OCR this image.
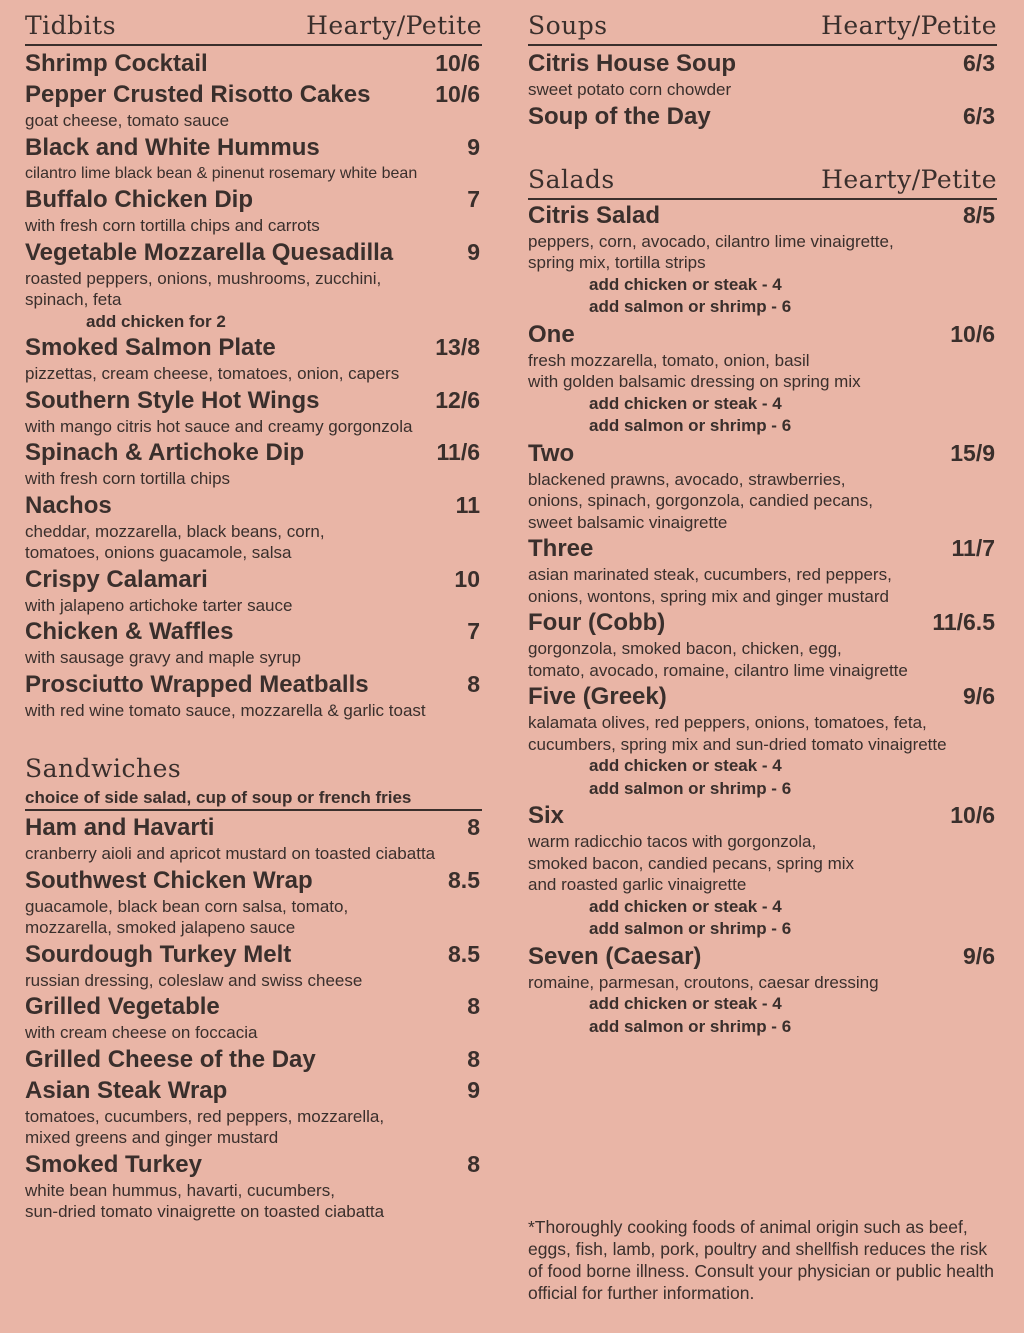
Tidbits	Hearty/Petite
Shrimp Cocktail	10/6
Pepper Crusted Risotto Cakes	10/6
goat cheese, tomato sauce
Black and White Hummus	9
cilantro lime black bean & pinenut rosemary white bean
Buffalo Chicken Dip	7
with fresh corn tortilla chips and carrots
Vegetable Mozzarella Quesadilla	9
roasted peppers, onions, mushrooms, zucchini,
spinach, feta
add chicken for 2
Smoked Salmon Plate	13/8
pizzettas, cream cheese, tomatoes, onion, capers
Southern Style Hot Wings	12/6
with mango citris hot sauce and creamy gorgonzola
Spinach & Artichoke Dip	11/6
with fresh corn tortilla chips
Nachos	11
cheddar, mozzarella, black beans, corn,
tomatoes, onions guacamole, salsa
Crispy Calamari	10
with jalapeno artichoke tarter sauce
Chicken & Waffles	7
with sausage gravy and maple syrup
Prosciutto Wrapped Meatballs	8
with red wine tomato sauce, mozzarella & garlic toast
Sandwiches
choice of side salad, cup of soup or french fries
Ham and Havarti	8
cranberry aioli and apricot mustard on toasted ciabatta
Southwest Chicken Wrap	8.5
guacamole, black bean corn salsa, tomato,
mozzarella, smoked jalapeno sauce
Sourdough Turkey Melt	8.5
russian dressing, coleslaw and swiss cheese
Grilled Vegetable	8
with cream cheese on foccacia
Grilled Cheese of the Day	8
Asian Steak Wrap	9
tomatoes, cucumbers, red peppers, mozzarella,
mixed greens and ginger mustard
Smoked Turkey	8
white bean hummus, havarti, cucumbers,
sun-dried tomato vinaigrette on toasted ciabatta
Soups	Hearty/Petite
Citris House Soup	6/3
sweet potato corn chowder
Soup of the Day	6/3
Salads	Hearty/Petite
Citris Salad	8/5
peppers, corn, avocado, cilantro lime vinaigrette,
spring mix, tortilla strips
add chicken or steak - 4
add salmon or shrimp - 6
One	10/6
fresh mozzarella, tomato, onion, basil
with golden balsamic dressing on spring mix
add chicken or steak - 4
add salmon or shrimp - 6
Two	15/9
blackened prawns, avocado, strawberries,
onions, spinach, gorgonzola, candied pecans,
sweet balsamic vinaigrette
Three	11/7
asian marinated steak, cucumbers, red peppers,
onions, wontons, spring mix and ginger mustard
Four (Cobb)	11/6.5
gorgonzola, smoked bacon, chicken, egg,
tomato, avocado, romaine, cilantro lime vinaigrette
Five (Greek)	9/6
kalamata olives, red peppers, onions, tomatoes, feta,
cucumbers, spring mix and sun-dried tomato vinaigrette
add chicken or steak - 4
add salmon or shrimp - 6
Six	10/6
warm radicchio tacos with gorgonzola,
smoked bacon, candied pecans, spring mix
and roasted garlic vinaigrette
add chicken or steak - 4
add salmon or shrimp - 6
Seven (Caesar)	9/6
romaine, parmesan, croutons, caesar dressing
add chicken or steak - 4
add salmon or shrimp - 6
*Thoroughly cooking foods of animal origin such as beef, eggs, fish, lamb, pork, poultry and shellfish reduces the risk of food borne illness. Consult your physician or public health official for further information.
